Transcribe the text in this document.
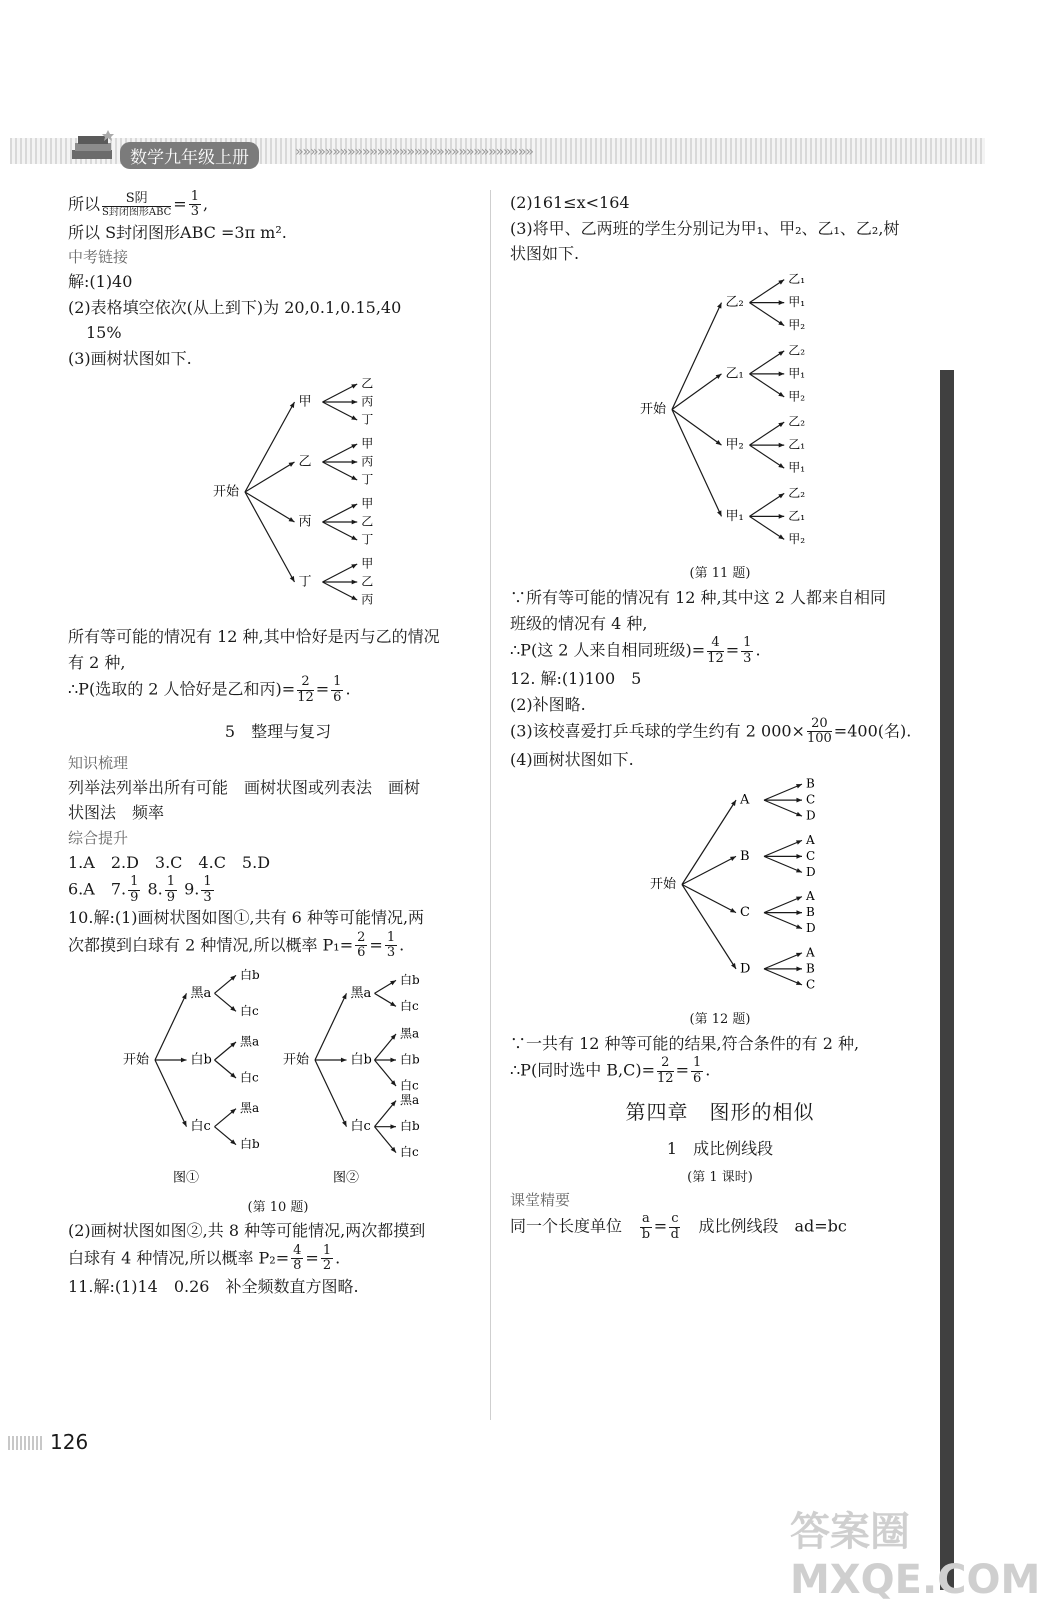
数学九年级上册	»»»»»»»»»»»»»»»»»»»»»»»»»»»»»»»»
所以 $\frac{\text{S阴}}{\text{S封闭图形ABC}} = \frac{1}{3}$ ,
所以 S封闭图形ABC =3π m².
中考链接
解:(1)40
(2)表格填空依次(从上到下)为 20,0.1,0.15,40
15%
(3)画树状图如下.
开始
甲
乙
丙
丁
乙
甲
丙
丁
丙
甲
乙
丁
丁
甲
乙
丙
所有等可能的情况有 12 种,其中恰好是丙与乙的情况
有 2 种,
∴P(选取的 2 人恰好是乙和丙)= $\frac{2}{12} = \frac{1}{6}$ .
5　整理与复习
知识梳理
列举法列举出所有可能　画树状图或列表法　画树
状图法　频率
综合提升
1.A　2.D　3.C　4.C　5.D
6.A　7. $\frac{1}{9} 8$. $\frac{1}{9} 9$. $\frac{1}{3}$
10.解:(1)画树状图如图①,共有 6 种等可能情况,两
次都摸到白球有 2 种情况,所以概率 $P_1= \frac{2}{6} = \frac{1}{3}$ .
开始
黑a
白b
白c
白b
黑a
白c
白c
黑a
白b
开始
黑a
白b
白c
白b
黑a
白b
白c
白c
黑a
白b
白c
图①	图②
(第 10 题)
(2)画树状图如图②,共 8 种等可能情况,两次都摸到
白球有 4 种情况,所以概率 $P_2= \frac{4}{8} = \frac{1}{2}$ .
11.解:(1)14　0.26　补全频数直方图略.
(2)161≤x<164
(3)将甲、乙两班的学生分别记为甲₁、甲₂、乙₁、乙₂,树
状图如下.
开始
乙₂
乙₁
甲₁
甲₂
乙₁
乙₂
甲₁
甲₂
甲₂
乙₂
乙₁
甲₁
甲₁
乙₂
乙₁
甲₂
(第 11 题)
∵所有等可能的情况有 12 种,其中这 2 人都来自相同
班级的情况有 4 种,
∴P(这 2 人来自相同班级)= $\frac{4}{12} = \frac{1}{3}$ .
12. 解:(1)100　5
(2)补图略.
(3)该校喜爱打乒乓球的学生约有 2 $000\times \frac{20}{100} =400$(名).
(4)画树状图如下.
开始
A
B
C
D
B
A
C
D
C
A
B
D
D
A
B
C
(第 12 题)
∵一共有 12 种等可能的结果,符合条件的有 2 种,
∴P(同时选中 $B,C)= \frac{2}{12} = \frac{1}{6}$ .
第四章　图形的相似
1　成比例线段
(第 1 课时)
课堂精要
同一个长度单位　 $\frac{a}{b} = \frac{c}{d}$ 　成比例线段　ad=bc
126
答案圈 MXQE.COM
